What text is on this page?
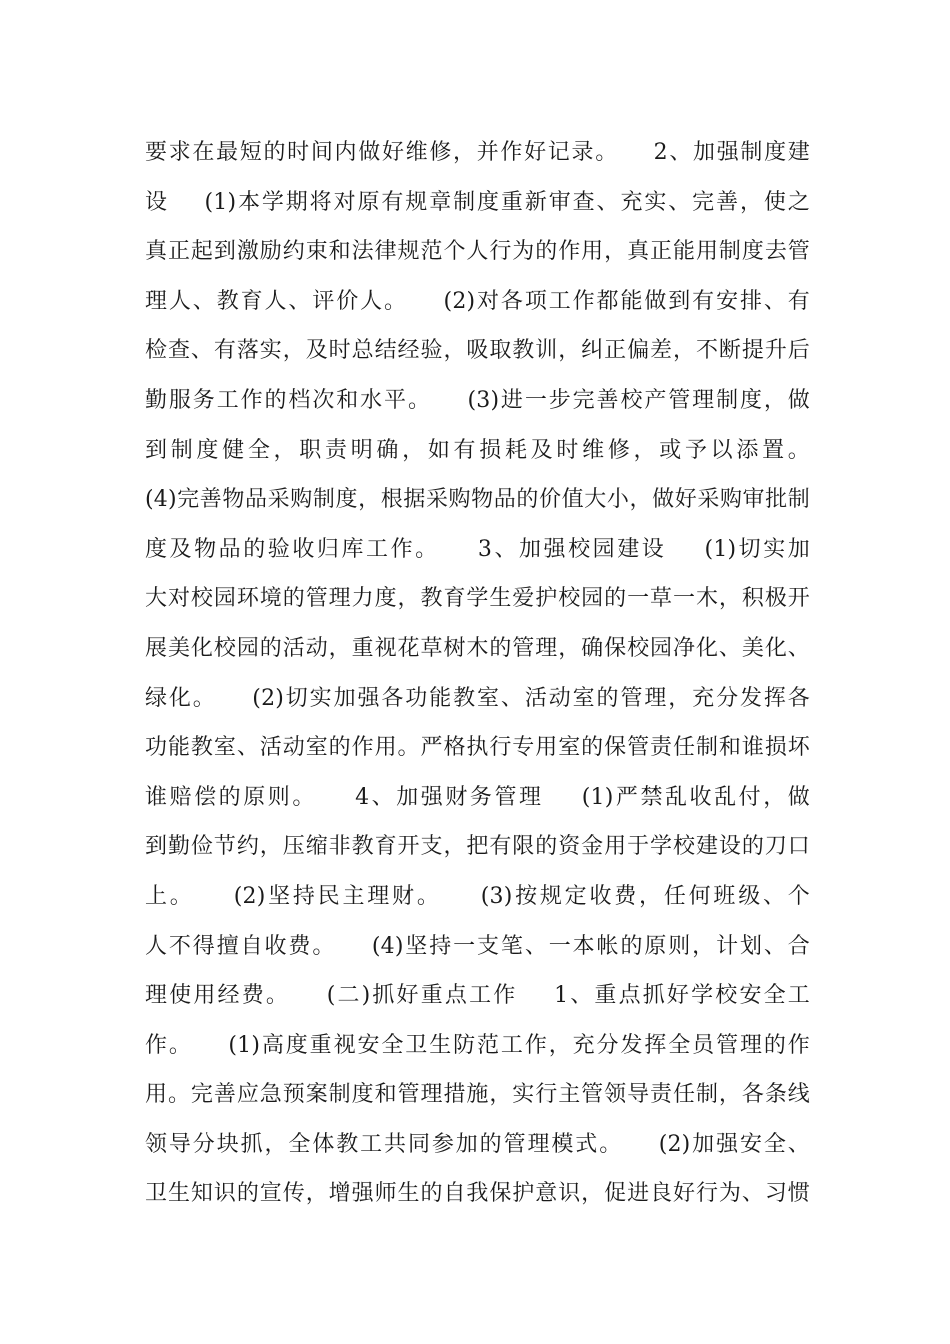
要求在最短的时间内做好维修，并作好记录。    2、加强制度建
设    (1)本学期将对原有规章制度重新审查、充实、完善，使之
真正起到激励约束和法律规范个人行为的作用，真正能用制度去管
理人、教育人、评价人。    (2)对各项工作都能做到有安排、有
检查、有落实，及时总结经验，吸取教训，纠正偏差，不断提升后
勤服务工作的档次和水平。    (3)进一步完善校产管理制度，做
到制度健全，职责明确，如有损耗及时维修，或予以添置。
(4)完善物品采购制度，根据采购物品的价值大小，做好采购审批制
度及物品的验收归库工作。    3、加强校园建设    (1)切实加
大对校园环境的管理力度，教育学生爱护校园的一草一木，积极开
展美化校园的活动，重视花草树木的管理，确保校园净化、美化、
绿化。    (2)切实加强各功能教室、活动室的管理，充分发挥各
功能教室、活动室的作用。严格执行专用室的保管责任制和谁损坏
谁赔偿的原则。    4、加强财务管理    (1)严禁乱收乱付，做
到勤俭节约，压缩非教育开支，把有限的资金用于学校建设的刀口
上。    (2)坚持民主理财。    (3)按规定收费，任何班级、个
人不得擅自收费。    (4)坚持一支笔、一本帐的原则，计划、合
理使用经费。    (二)抓好重点工作    1、重点抓好学校安全工
作。    (1)高度重视安全卫生防范工作，充分发挥全员管理的作
用。完善应急预案制度和管理措施，实行主管领导责任制，各条线
领导分块抓，全体教工共同参加的管理模式。    (2)加强安全、
卫生知识的宣传，增强师生的自我保护意识，促进良好行为、习惯
